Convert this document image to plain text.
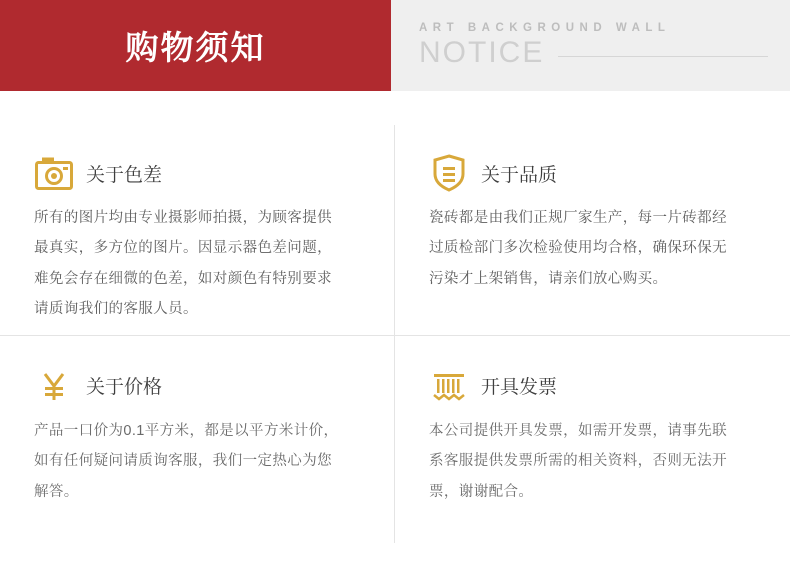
购物须知
ART BACKGROUND WALL
NOTICE
关于色差

所有的图片均由专业摄影师拍摄，为顾客提供

最真实，多方位的图片。因显示器色差问题，

难免会存在细微的色差，如对颜色有特别要求

请质询我们的客服人员。

关于品质

瓷砖都是由我们正规厂家生产，每一片砖都经

过质检部门多次检验使用均合格，确保环保无

污染才上架销售，请亲们放心购买。

关于价格

产品一口价为0.1平方米，都是以平方米计价，

如有任何疑问请质询客服，我们一定热心为您

解答。

开具发票

本公司提供开具发票，如需开发票，请事先联

系客服提供发票所需的相关资料，否则无法开

票，谢谢配合。
